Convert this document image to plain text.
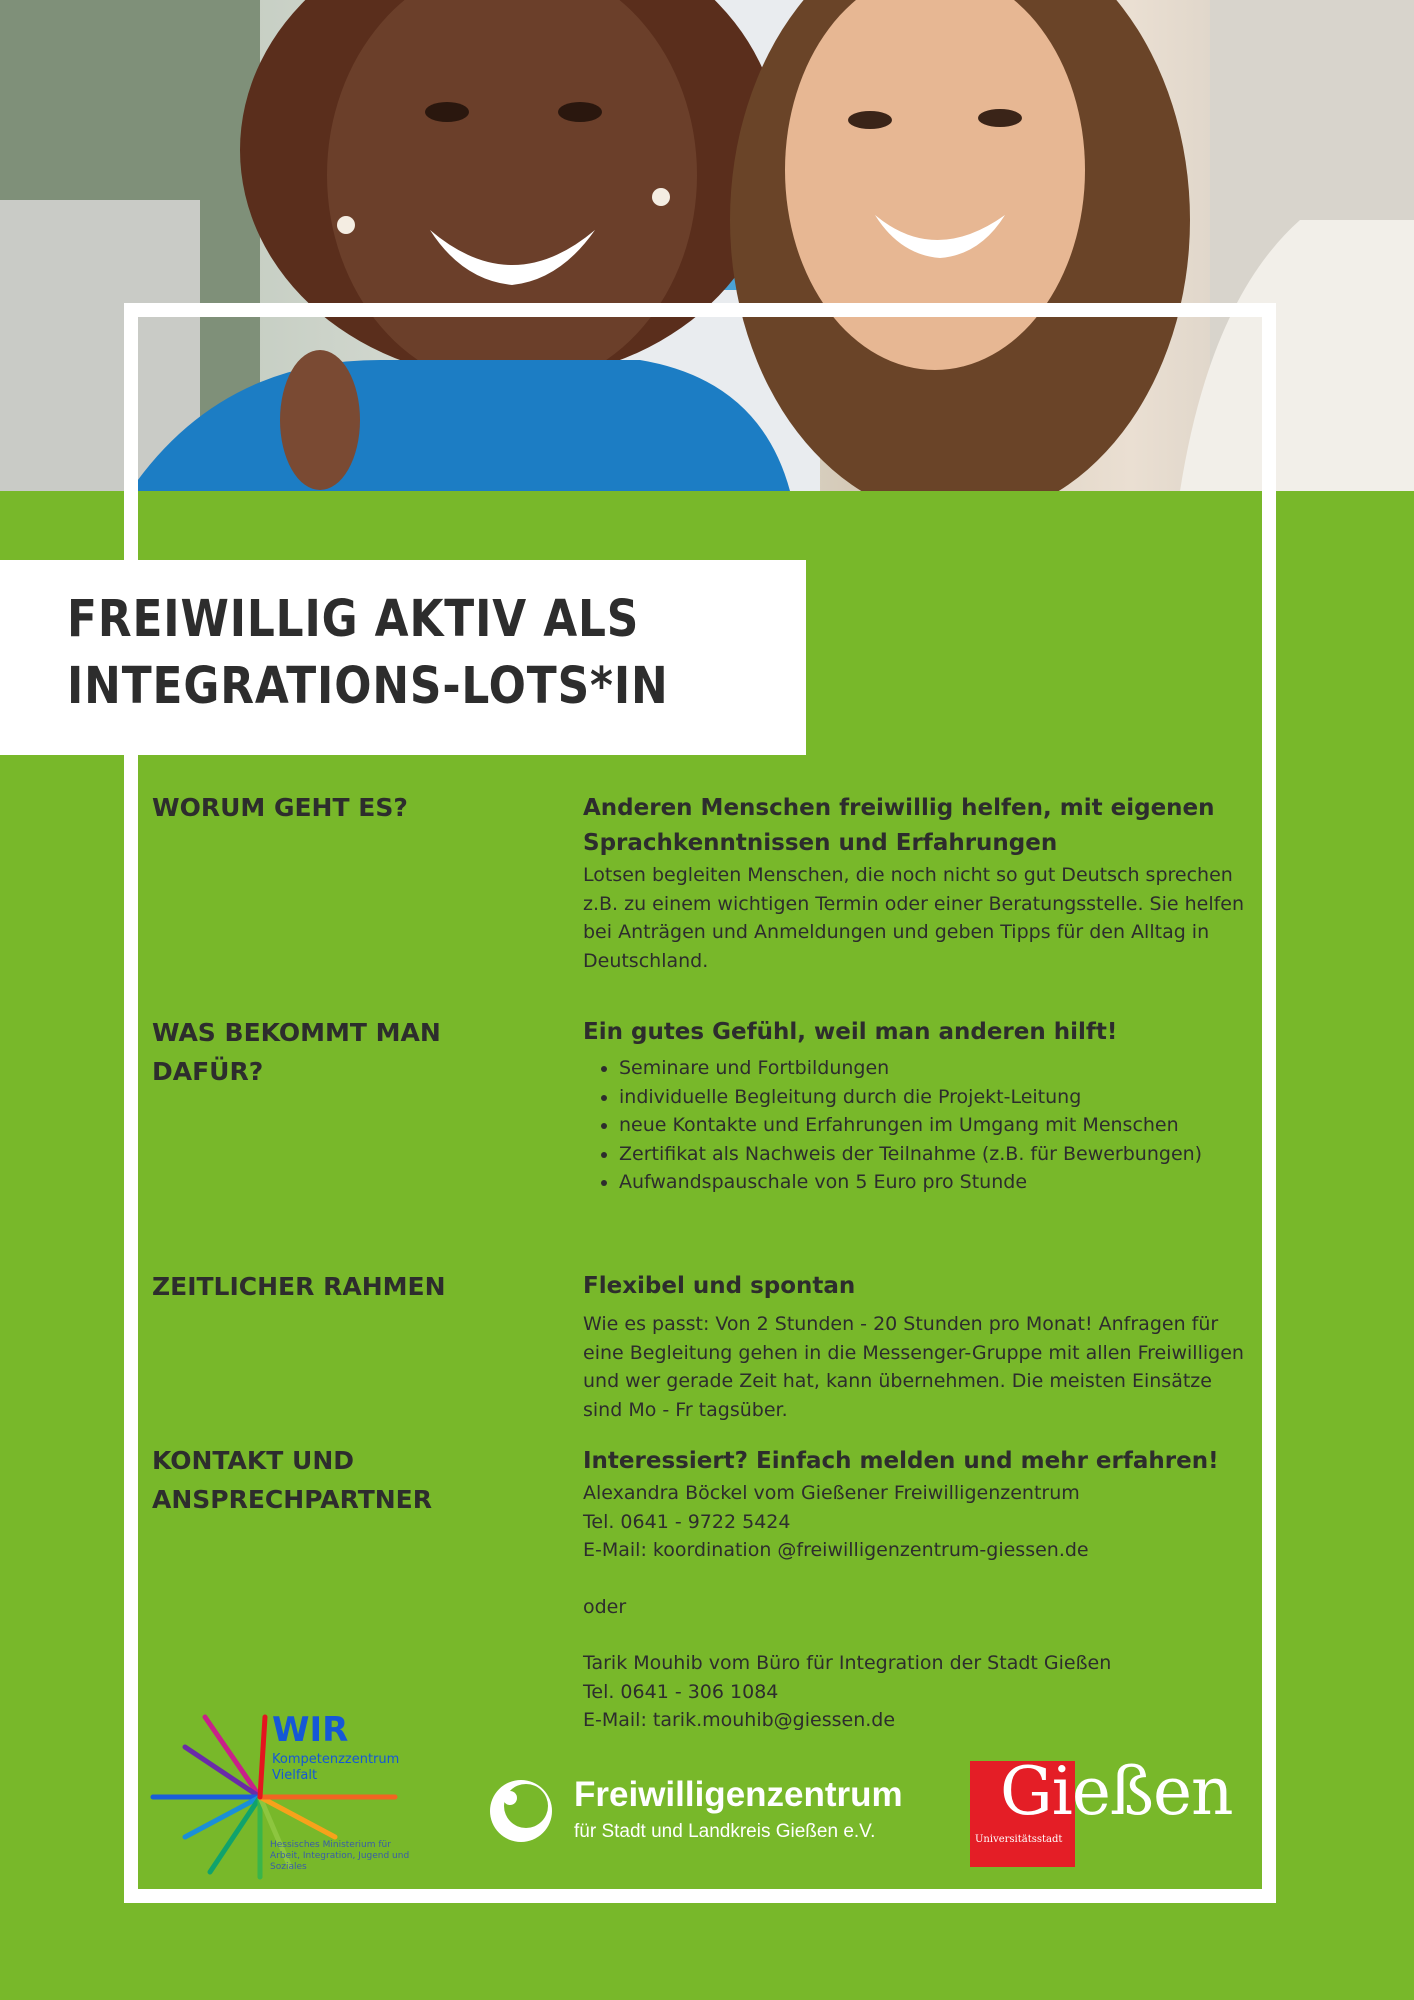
FREIWILLIG AKTIV ALS
INTEGRATIONS-LOTS*IN
WORUM GEHT ES?	Anderen Menschen freiwillig helfen, mit eigenen Sprachkenntnissen und Erfahrungen

Lotsen begleiten Menschen, die noch nicht so gut Deutsch sprechen z.B. zu einem wichtigen Termin oder einer Beratungsstelle. Sie helfen bei Anträgen und Anmeldungen und geben Tipps für den Alltag in Deutschland.

WAS BEKOMMT MAN DAFÜR?
Ein gutes Gefühl, weil man anderen hilft!
• Seminare und Fortbildungen
• individuelle Begleitung durch die Projekt-Leitung
• neue Kontakte und Erfahrungen im Umgang mit Menschen
• Zertifikat als Nachweis der Teilnahme (z.B. für Bewerbungen)
• Aufwandspauschale von 5 Euro pro Stunde
ZEITLICHER RAHMEN	Flexibel und spontan

Wie es passt: Von 2 Stunden - 20 Stunden pro Monat! Anfragen für eine Begleitung gehen in die Messenger-Gruppe mit allen Freiwilligen und wer gerade Zeit hat, kann übernehmen. Die meisten Einsätze sind Mo - Fr tagsüber.

KONTAKT UND ANSPRECHPARTNER
Interessiert? Einfach melden und mehr erfahren!

Alexandra Böckel vom Gießener Freiwilligenzentrum

Tel. 0641 - 9722 5424

E-Mail: koordination @freiwilligenzentrum-giessen.de

oder

Tarik Mouhib vom Büro für Integration der Stadt Gießen

Tel. 0641 - 306 1084

E-Mail: tarik.mouhib@giessen.de

WIR

Kompetenzzentrum
Vielfalt

Hessisches Ministerium für Arbeit, Integration, Jugend und Soziales

Freiwilligenzentrum

für Stadt und Landkreis Gießen e.V.

Gießen

Universitätsstadt
